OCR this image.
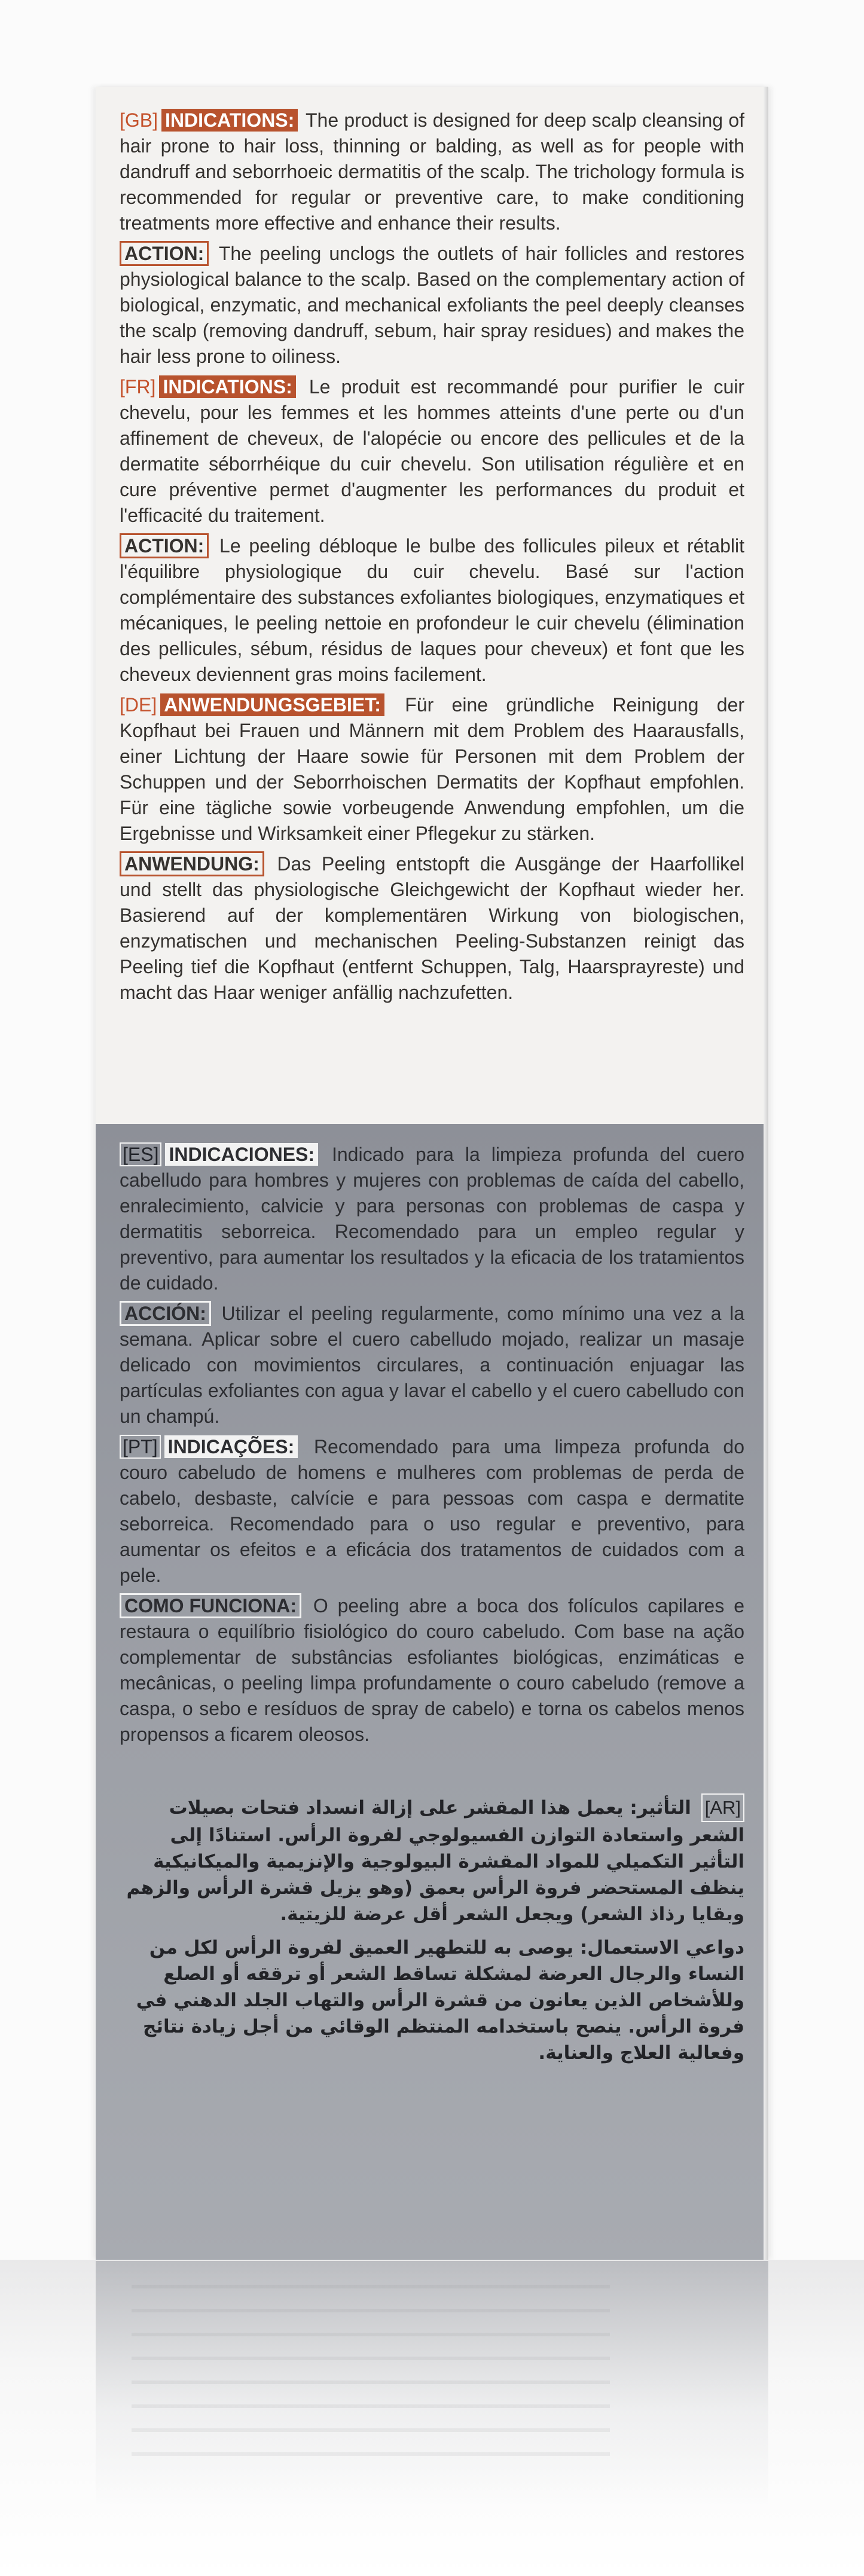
[GB] INDICATIONS: The product is designed for deep scalp cleansing of hair prone to hair loss, thinning or balding, as well as for people with dandruff and seborrhoeic dermatitis of the scalp. The trichology formula is recommended for regular or preventive care, to make conditioning treatments more effective and enhance their results.

ACTION: The peeling unclogs the outlets of hair follicles and restores physiological balance to the scalp. Based on the complementary action of biological, enzymatic, and mechanical exfoliants the peel deeply cleanses the scalp (removing dandruff, sebum, hair spray residues) and makes the hair less prone to oiliness.

[FR] INDICATIONS: Le produit est recommandé pour purifier le cuir chevelu, pour les femmes et les hommes atteints d'une perte ou d'un affinement de cheveux, de l'alopécie ou encore des pellicules et de la dermatite séborrhéique du cuir chevelu. Son utilisation régulière et en cure préventive permet d'augmenter les performances du produit et l'efficacité du traitement.

ACTION: Le peeling débloque le bulbe des follicules pileux et rétablit l'équilibre physiologique du cuir chevelu. Basé sur l'action complémentaire des substances exfoliantes biologiques, enzymatiques et mécaniques, le peeling nettoie en profondeur le cuir chevelu (élimination des pellicules, sébum, résidus de laques pour cheveux) et font que les cheveux deviennent gras moins facilement.

[DE] ANWENDUNGSGEBIET: Für eine gründliche Reinigung der Kopfhaut bei Frauen und Männern mit dem Problem des Haarausfalls, einer Lichtung der Haare sowie für Personen mit dem Problem der Schuppen und der Seborrhoischen Dermatits der Kopfhaut empfohlen. Für eine tägliche sowie vorbeugende Anwendung empfohlen, um die Ergebnisse und Wirksamkeit einer Pflegekur zu stärken.

ANWENDUNG: Das Peeling entstopft die Ausgänge der Haarfollikel und stellt das physiologische Gleichgewicht der Kopfhaut wieder her. Basierend auf der komplementären Wirkung von biologischen, enzymatischen und mechanischen Peeling-Substanzen reinigt das Peeling tief die Kopfhaut (entfernt Schuppen, Talg, Haarsprayreste) und macht das Haar weniger anfällig nachzufetten.

[ES] INDICACIONES: Indicado para la limpieza profunda del cuero cabelludo para hombres y mujeres con problemas de caída del cabello, enralecimiento, calvicie y para personas con problemas de caspa y dermatitis seborreica. Recomendado para un empleo regular y preventivo, para aumentar los resultados y la eficacia de los tratamientos de cuidado.

ACCIÓN: Utilizar el peeling regularmente, como mínimo una vez a la semana. Aplicar sobre el cuero cabelludo mojado, realizar un masaje delicado con movimientos circulares, a continuación enjuagar las partículas exfoliantes con agua y lavar el cabello y el cuero cabelludo con un champú.

[PT] INDICAÇÕES: Recomendado para uma limpeza profunda do couro cabeludo de homens e mulheres com problemas de perda de cabelo, desbaste, calvície e para pessoas com caspa e dermatite seborreica. Recomendado para o uso regular e preventivo, para aumentar os efeitos e a eficácia dos tratamentos de cuidados com a pele.

COMO FUNCIONA: O peeling abre a boca dos folículos capilares e restaura o equilíbrio fisiológico do couro cabeludo. Com base na ação complementar de substâncias esfoliantes biológicas, enzimáticas e mecânicas, o peeling limpa profundamente o couro cabeludo (remove a caspa, o sebo e resíduos de spray de cabelo) e torna os cabelos menos propensos a ficarem oleosos.

[AR] التأثير: يعمل هذا المقشر على إزالة انسداد فتحات بصيلات الشعر واستعادة التوازن الفسيولوجي لفروة الرأس. استنادًا إلى التأثير التكميلي للمواد المقشرة البيولوجية والإنزيمية والميكانيكية ينظف المستحضر فروة الرأس بعمق (وهو يزيل قشرة الرأس والزهم وبقايا رذاذ الشعر) ويجعل الشعر أقل عرضة للزيتية.

دواعي الاستعمال: يوصى به للتطهير العميق لفروة الرأس لكل من النساء والرجال العرضة لمشكلة تساقط الشعر أو ترققه أو الصلع وللأشخاص الذين يعانون من قشرة الرأس والتهاب الجلد الدهني في فروة الرأس. ينصح باستخدامه المنتظم الوقائي من أجل زيادة نتائج وفعالية العلاج والعناية.
